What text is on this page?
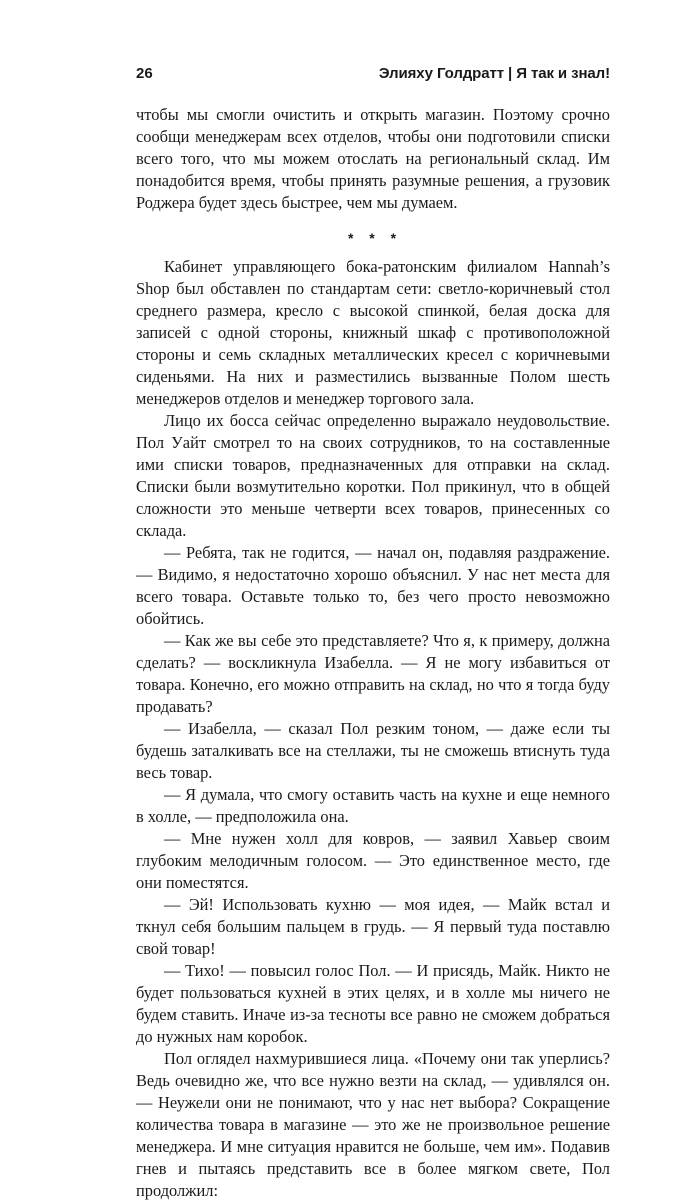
26	Элияху Голдратт | Я так и знал!

чтобы мы смогли очистить и открыть магазин. Поэтому срочно сообщи менеджерам всех отделов, чтобы они подготовили списки всего того, что мы можем отослать на региональный склад. Им понадобится время, чтобы принять разумные решения, а грузовик Роджера будет здесь быстрее, чем мы думаем.

* * *

Кабинет управляющего бока-ратонским филиалом Hannah’s Shop был обставлен по стандартам сети: светло-коричневый стол среднего размера, кресло с высокой спинкой, белая доска для записей с одной стороны, книжный шкаф с противоположной стороны и семь складных металлических кресел с коричневыми сиденьями. На них и разместились вызванные Полом шесть менеджеров отделов и менеджер торгового зала.

Лицо их босса сейчас определенно выражало неудовольствие. Пол Уайт смотрел то на своих сотрудников, то на составленные ими списки товаров, предназначенных для отправки на склад. Списки были возмутительно коротки. Пол прикинул, что в общей сложности это меньше четверти всех товаров, принесенных со склада.

— Ребята, так не годится, — начал он, подавляя раздражение. — Видимо, я недостаточно хорошо объяснил. У нас нет места для всего товара. Оставьте только то, без чего просто невозможно обойтись.

— Как же вы себе это представляете? Что я, к примеру, должна сделать? — воскликнула Изабелла. — Я не могу избавиться от товара. Конечно, его можно отправить на склад, но что я тогда буду продавать?

— Изабелла, — сказал Пол резким тоном, — даже если ты будешь заталкивать все на стеллажи, ты не сможешь втиснуть туда весь товар.

— Я думала, что смогу оставить часть на кухне и еще немного в холле, — предположила она.

— Мне нужен холл для ковров, — заявил Хавьер своим глубоким мелодичным голосом. — Это единственное место, где они поместятся.

— Эй! Использовать кухню — моя идея, — Майк встал и ткнул себя большим пальцем в грудь. — Я первый туда поставлю свой товар!

— Тихо! — повысил голос Пол. — И присядь, Майк. Никто не будет пользоваться кухней в этих целях, и в холле мы ничего не будем ставить. Иначе из-за тесноты все равно не сможем добраться до нужных нам коробок.

Пол оглядел нахмурившиеся лица. «Почему они так уперлись? Ведь очевидно же, что все нужно везти на склад, — удивлялся он. — Неужели они не понимают, что у нас нет выбора? Сокращение количества товара в магазине — это же не произвольное решение менеджера. И мне ситуация нравится не больше, чем им». Подавив гнев и пытаясь представить все в более мягком свете, Пол продолжил:
